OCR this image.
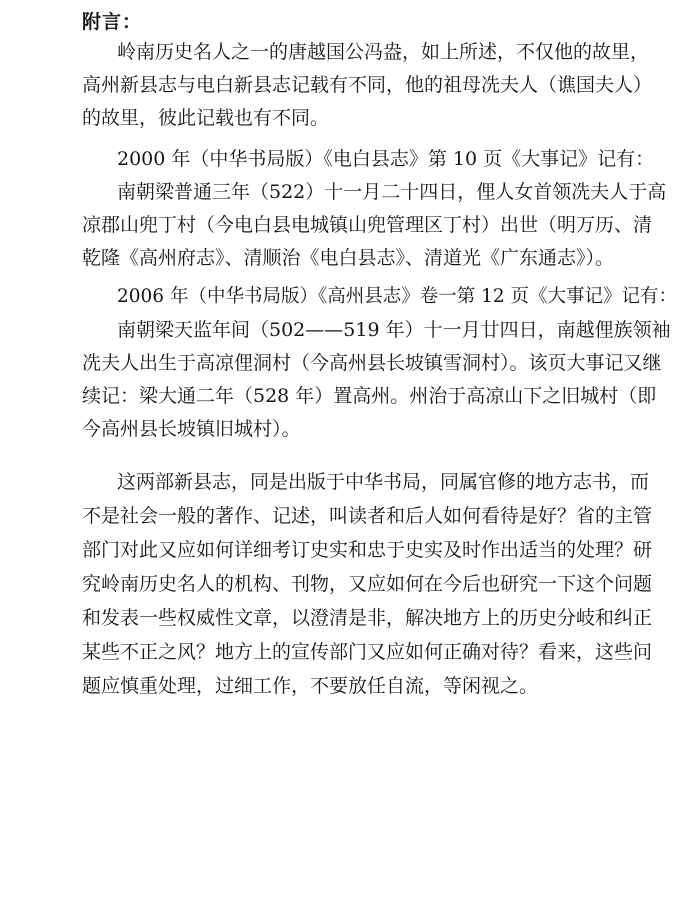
附言：
岭南历史名人之一的唐越国公冯盎，如上所述，不仅他的故里，
高州新县志与电白新县志记载有不同，他的祖母冼夫人（谯国夫人）
的故里，彼此记载也有不同。
2000 年（中华书局版）《电白县志》第 10 页《大事记》记有：
南朝梁普通三年（522）十一月二十四日，俚人女首领冼夫人于高
凉郡山兜丁村（今电白县电城镇山兜管理区丁村）出世（明万历、清
乾隆《高州府志》、清顺治《电白县志》、清道光《广东通志》）。
2006 年（中华书局版）《高州县志》卷一第 12 页《大事记》记有：
南朝梁天监年间（502——519 年）十一月廿四日，南越俚族领袖
冼夫人出生于高凉俚洞村（今高州县长坡镇雪洞村）。该页大事记又继
续记：梁大通二年（528 年）置高州。州治于高凉山下之旧城村（即
今高州县长坡镇旧城村）。
这两部新县志，同是出版于中华书局，同属官修的地方志书，而
不是社会一般的著作、记述，叫读者和后人如何看待是好？省的主管
部门对此又应如何详细考订史实和忠于史实及时作出适当的处理？研
究岭南历史名人的机构、刊物，又应如何在今后也研究一下这个问题
和发表一些权威性文章，以澄清是非，解决地方上的历史分岐和纠正
某些不正之风？地方上的宣传部门又应如何正确对待？看来，这些问
题应慎重处理，过细工作，不要放任自流，等闲视之。
